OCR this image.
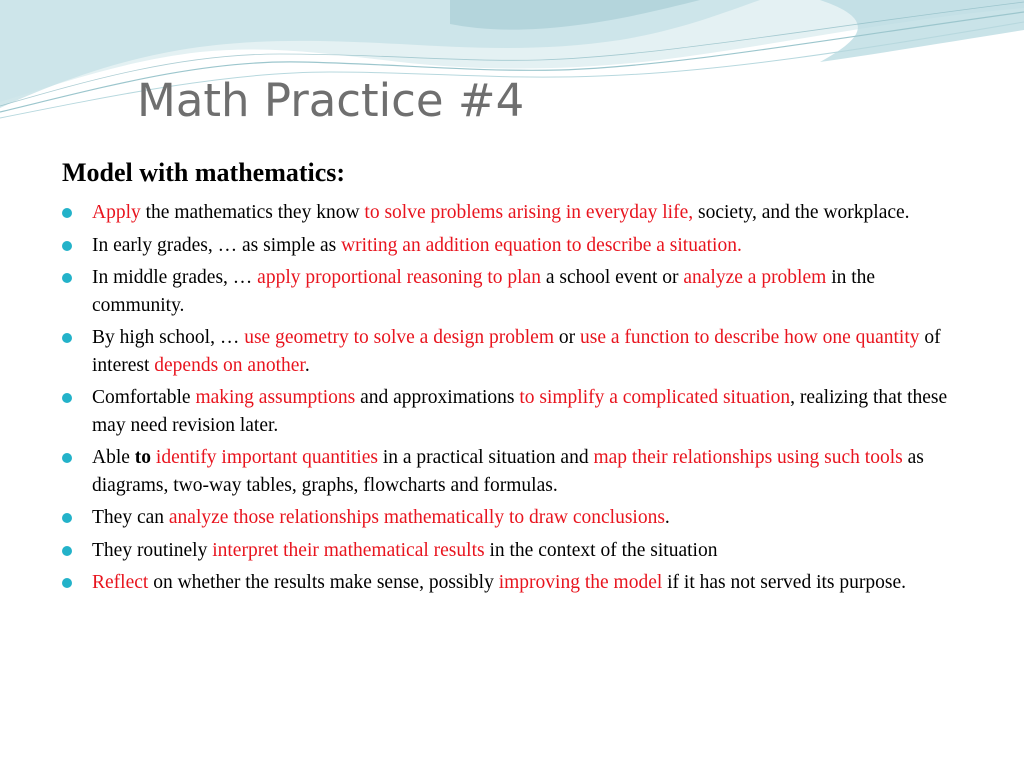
Math Practice #4
Model with mathematics:
Apply the mathematics they know to solve problems arising in everyday life, society, and the workplace.
In early grades, … as simple as writing an addition equation to describe a situation.
In middle grades, … apply proportional reasoning to plan a school event or analyze a problem in the community.
By high school, … use geometry to solve a design problem or use a function to describe how one quantity of interest depends on another.
Comfortable making assumptions and approximations to simplify a complicated situation, realizing that these may need revision later.
Able to identify important quantities in a practical situation and map their relationships using such tools as diagrams, two-way tables, graphs, flowcharts and formulas.
They can analyze those relationships mathematically to draw conclusions.
They routinely interpret their mathematical results in the context of the situation
Reflect on whether the results make sense, possibly improving the model if it has not served its purpose.
